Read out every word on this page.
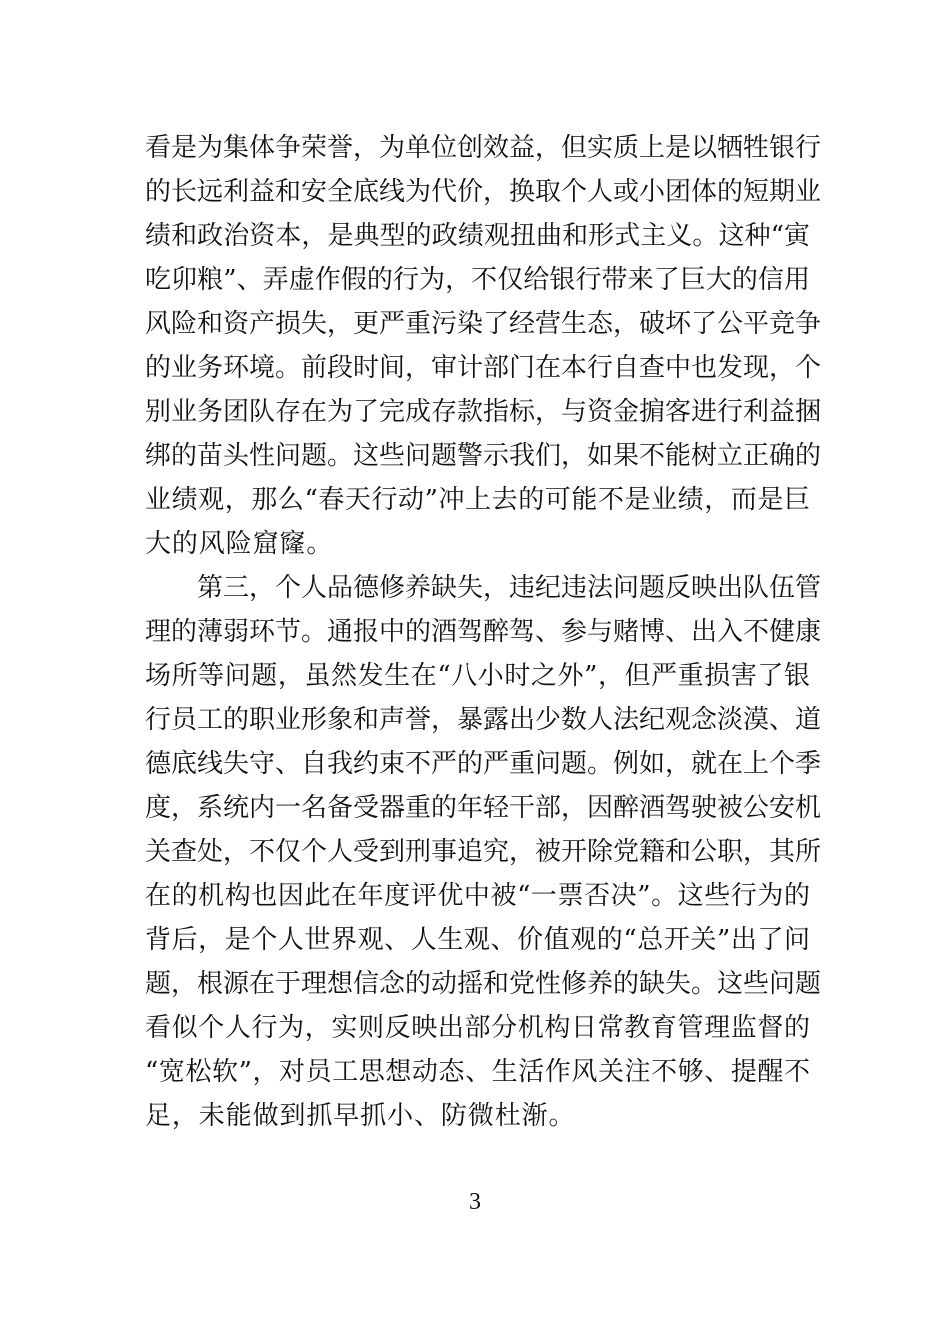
看是为集体争荣誉，为单位创效益，但实质上是以牺牲银行
的长远利益和安全底线为代价，换取个人或小团体的短期业
绩和政治资本，是典型的政绩观扭曲和形式主义。这种“寅
吃卯粮”、弄虚作假的行为，不仅给银行带来了巨大的信用
风险和资产损失，更严重污染了经营生态，破坏了公平竞争
的业务环境。前段时间，审计部门在本行自查中也发现，个
别业务团队存在为了完成存款指标，与资金掮客进行利益捆
绑的苗头性问题。这些问题警示我们，如果不能树立正确的
业绩观，那么“春天行动”冲上去的可能不是业绩，而是巨
大的风险窟窿。
　　第三，个人品德修养缺失，违纪违法问题反映出队伍管
理的薄弱环节。通报中的酒驾醉驾、参与赌博、出入不健康
场所等问题，虽然发生在“八小时之外”，但严重损害了银
行员工的职业形象和声誉，暴露出少数人法纪观念淡漠、道
德底线失守、自我约束不严的严重问题。例如，就在上个季
度，系统内一名备受器重的年轻干部，因醉酒驾驶被公安机
关查处，不仅个人受到刑事追究，被开除党籍和公职，其所
在的机构也因此在年度评优中被“一票否决”。这些行为的
背后，是个人世界观、人生观、价值观的“总开关”出了问
题，根源在于理想信念的动摇和党性修养的缺失。这些问题
看似个人行为，实则反映出部分机构日常教育管理监督的
“宽松软”，对员工思想动态、生活作风关注不够、提醒不
足，未能做到抓早抓小、防微杜渐。
3
